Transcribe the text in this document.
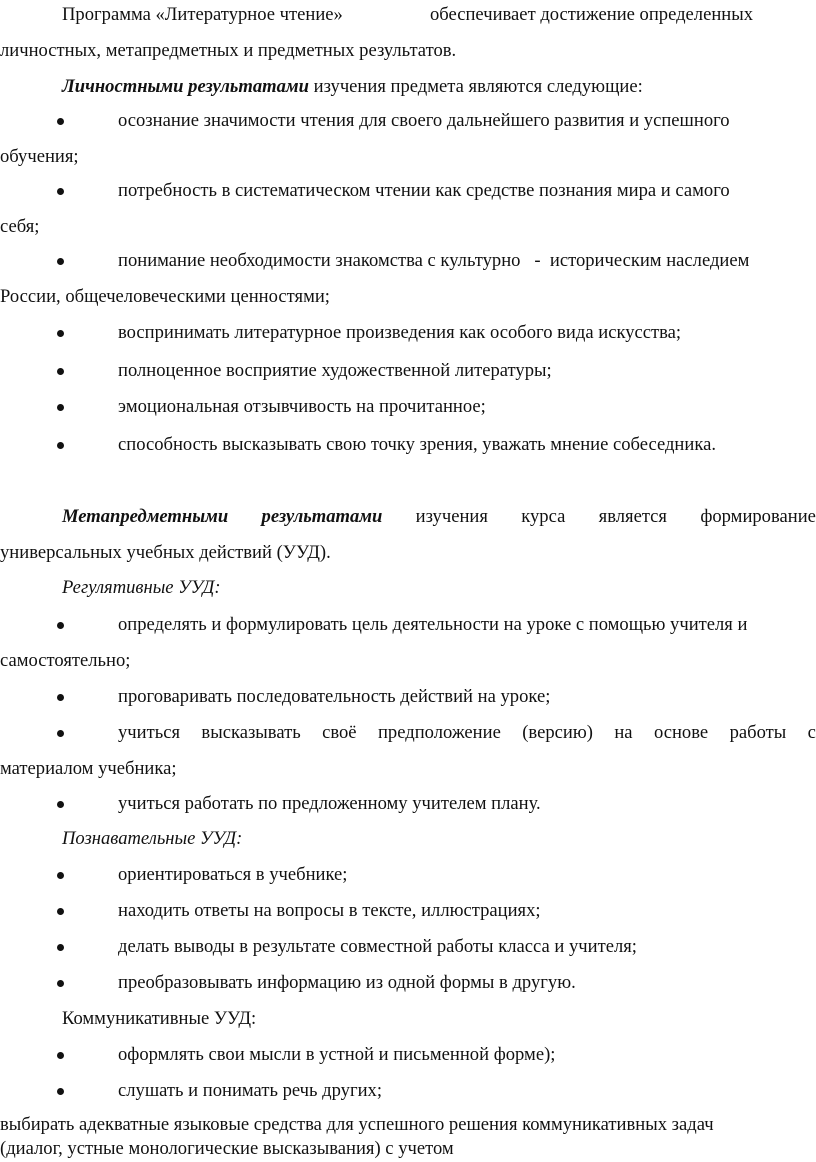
Программа «Литературное чтение»	обеспечивает достижение определенных
личностных, метапредметных и предметных результатов.
Личностными результатами изучения предмета являются следующие:
осознание значимости чтения для своего дальнейшего развития и успешного
обучения;
потребность в систематическом чтении как средстве познания мира и самого
себя;
понимание необходимости знакомства с культурно   -  историческим наследием
России, общечеловеческими ценностями;
воспринимать литературное произведения как особого вида искусства;
полноценное восприятие художественной литературы;
эмоциональная отзывчивость на прочитанное;
способность высказывать свою точку зрения, уважать мнение собеседника.
Метапредметными результатами изучения курса является формирование
универсальных учебных действий (УУД).
Регулятивные УУД:
определять и формулировать цель деятельности на уроке с помощью учителя и
самостоятельно;
проговаривать последовательность действий на уроке;
учиться высказывать своё предположение (версию) на основе работы с
материалом учебника;
учиться работать по предложенному учителем плану.
Познавательные УУД:
ориентироваться в учебнике;
находить ответы на вопросы в тексте, иллюстрациях;
делать выводы в результате совместной работы класса и учителя;
преобразовывать информацию из одной формы в другую.
Коммуникативные УУД:
оформлять свои мысли в устной и письменной форме);
слушать и понимать речь других;
выбирать адекватные языковые средства для успешного решения коммуникативных задач
(диалог, устные монологические высказывания) с учетом
